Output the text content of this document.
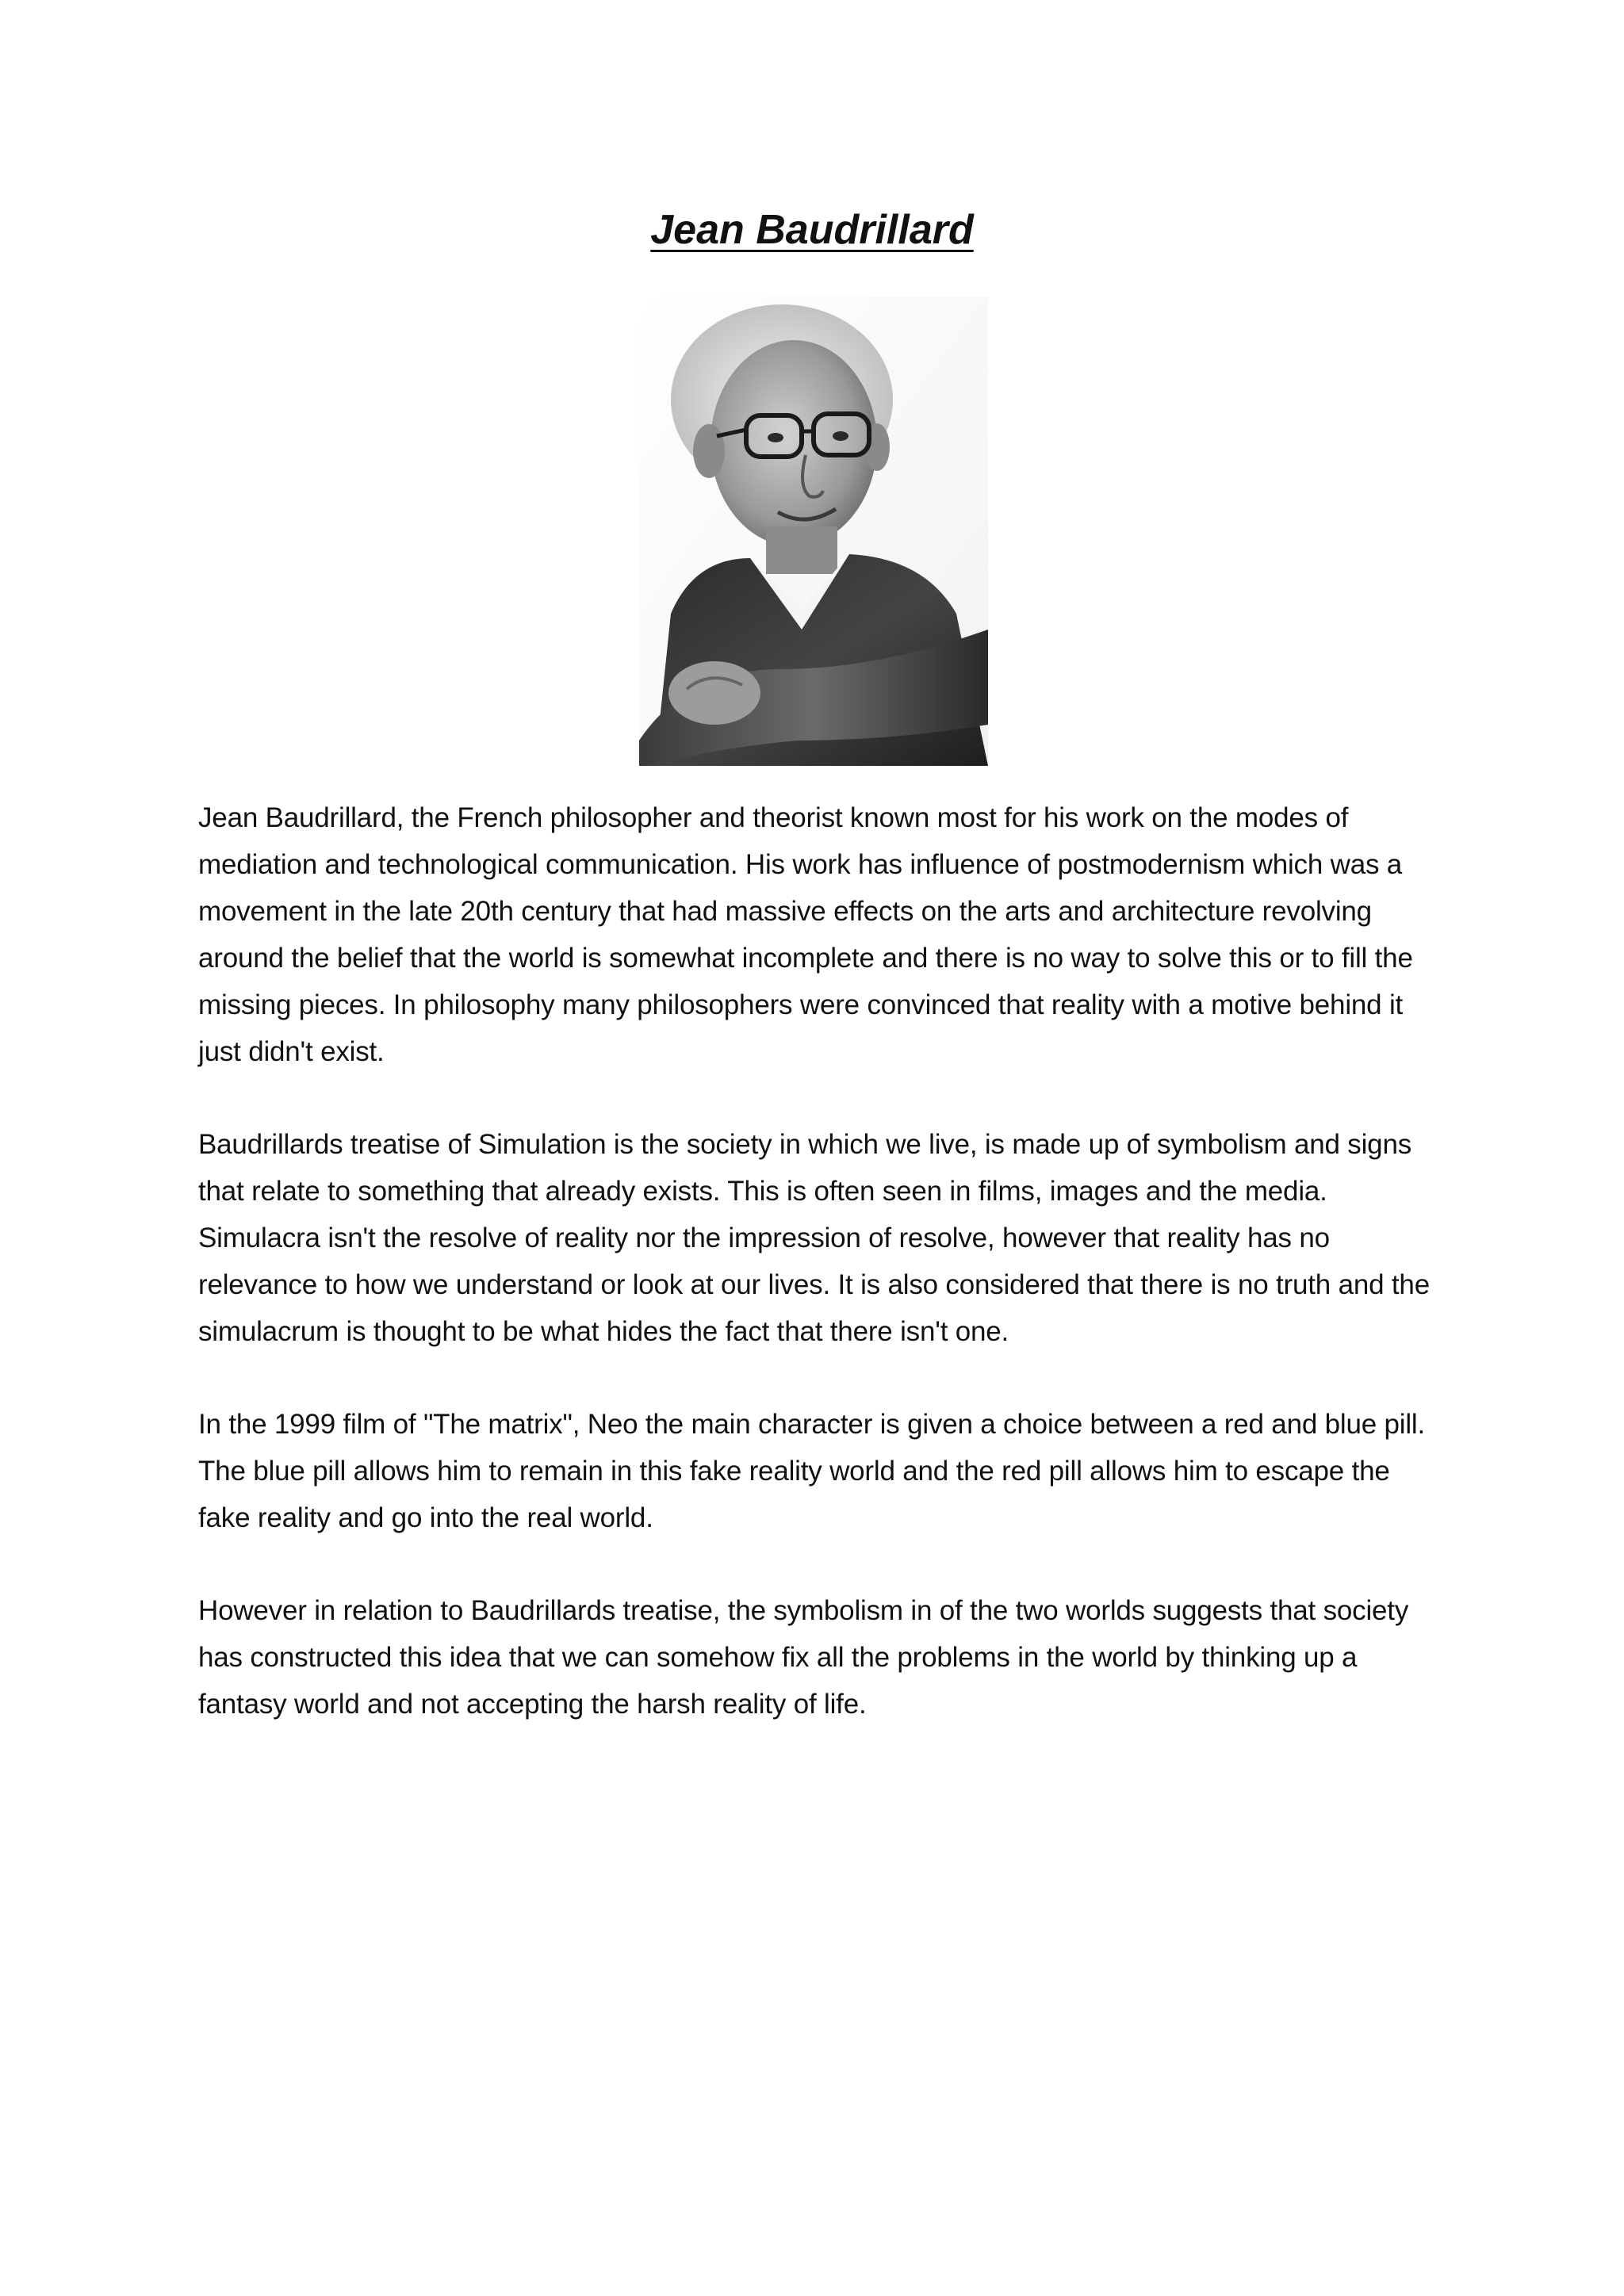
Jean Baudrillard

Jean Baudrillard, the French philosopher and theorist known most for his work on the modes of mediation and technological communication. His work has influence of postmodernism which was a movement in the late 20th century that had massive effects on the arts and architecture revolving around the belief that the world is somewhat incomplete and there is no way to solve this or to fill the missing pieces. In philosophy many philosophers were convinced that reality with a motive behind it just didn't exist.

Baudrillards treatise of Simulation is the society in which we live, is made up of symbolism and signs that relate to something that already exists. This is often seen in films, images and the media. Simulacra isn't the resolve of reality nor the impression of resolve, however that reality has no relevance to how we understand or look at our lives. It is also considered that there is no truth and the simulacrum is thought to be what hides the fact that there isn't one.

In the 1999 film of "The matrix", Neo the main character is given a choice between a red and blue pill. The blue pill allows him to remain in this fake reality world and the red pill allows him to escape the fake reality and go into the real world.

However in relation to Baudrillards treatise, the symbolism in of the two worlds suggests that society has constructed this idea that we can somehow fix all the problems in the world by thinking up a fantasy world and not accepting the harsh reality of life.
